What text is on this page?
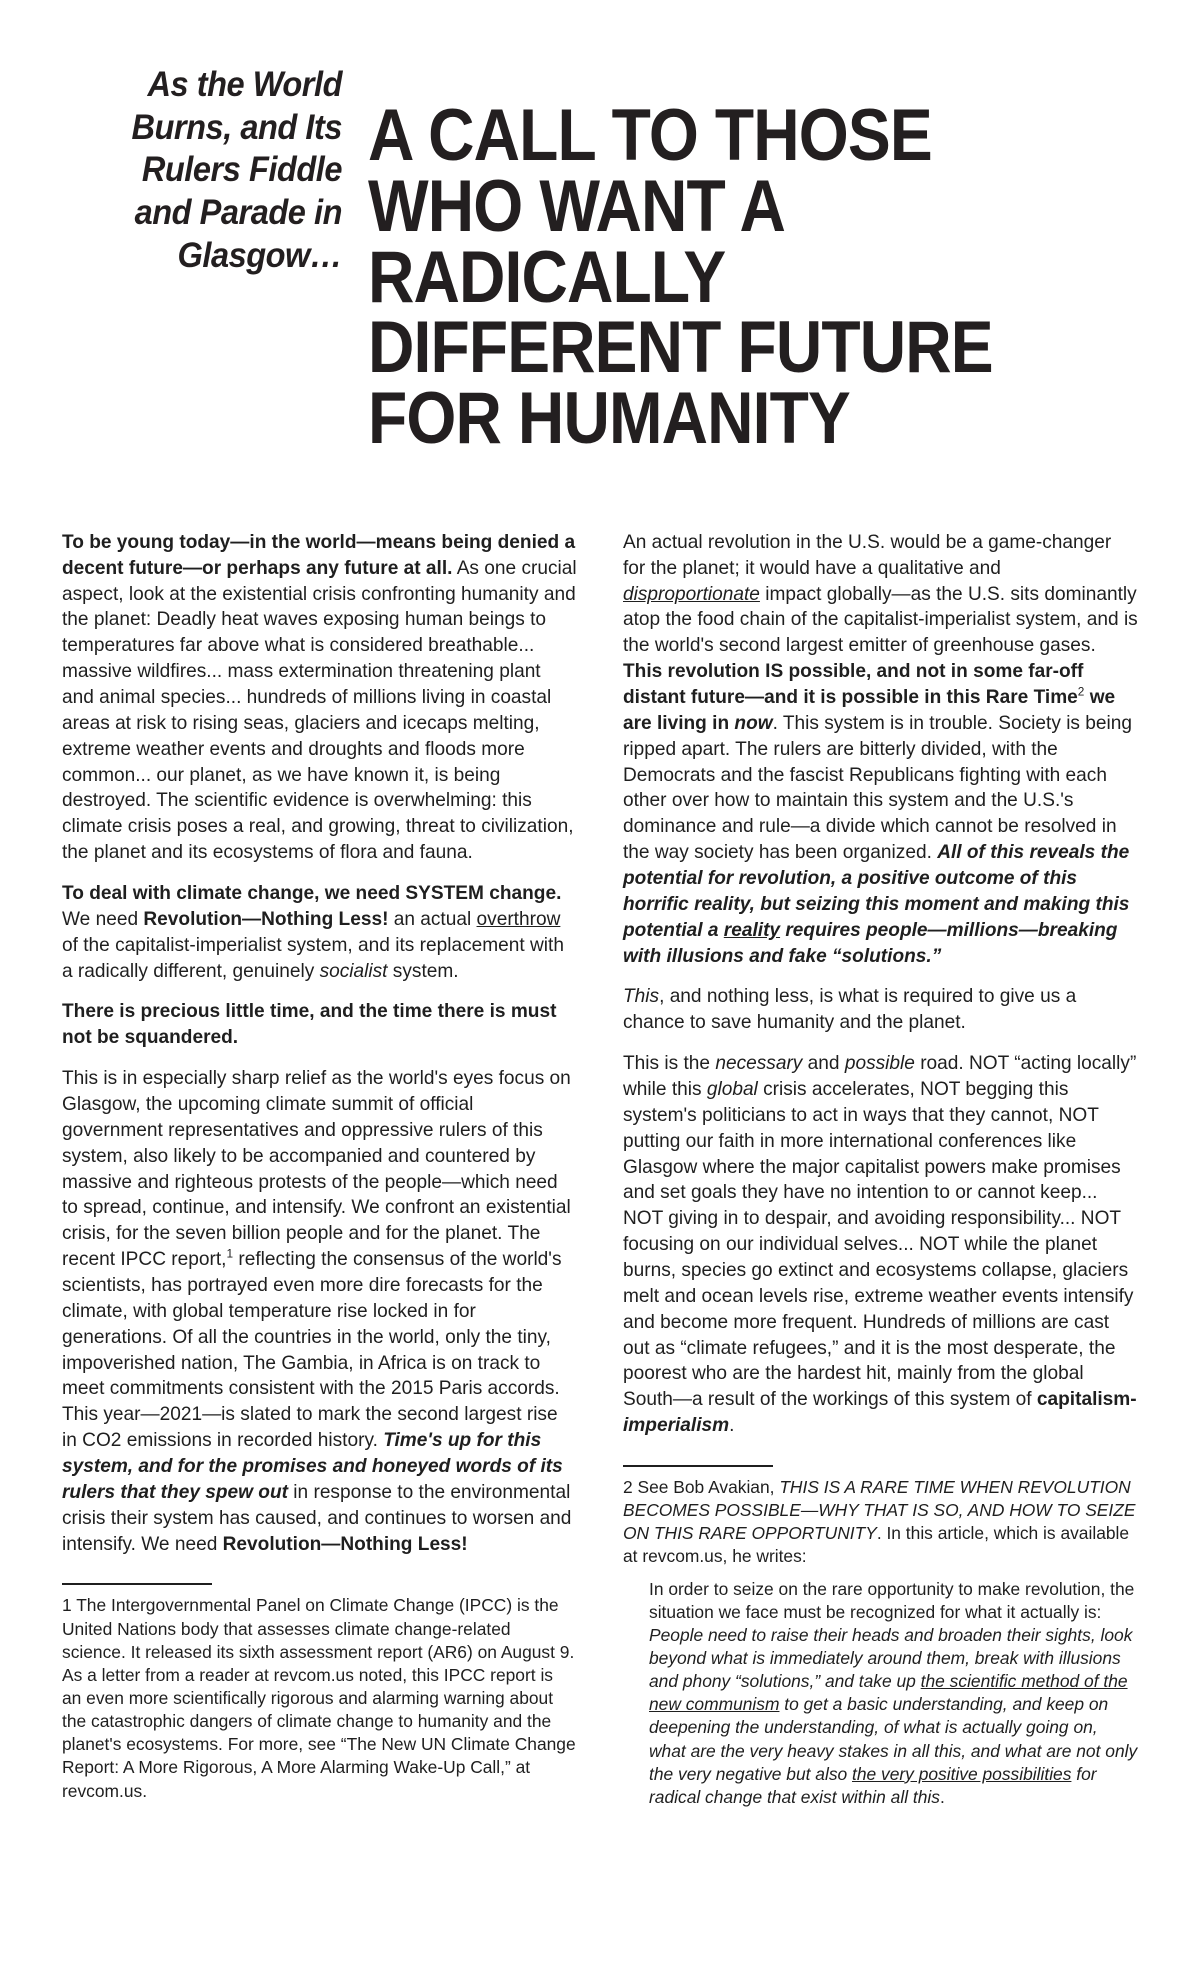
As the World Burns, and Its Rulers Fiddle and Parade in Glasgow…
A CALL TO THOSE WHO WANT A RADICALLY DIFFERENT FUTURE FOR HUMANITY

To be young today—in the world—means being denied a decent future—or perhaps any future at all. As one crucial aspect, look at the existential crisis confronting humanity and the planet: Deadly heat waves exposing human beings to temperatures far above what is considered breathable... massive wildfires... mass extermination threatening plant and animal species... hundreds of millions living in coastal areas at risk to rising seas, glaciers and icecaps melting, extreme weather events and droughts and floods more common... our planet, as we have known it, is being destroyed. The scientific evidence is overwhelming: this climate crisis poses a real, and growing, threat to civilization, the planet and its ecosystems of flora and fauna.

To deal with climate change, we need SYSTEM change. We need Revolution—Nothing Less! an actual overthrow of the capitalist-imperialist system, and its replacement with a radically different, genuinely socialist system.

There is precious little time, and the time there is must not be squandered.

This is in especially sharp relief as the world's eyes focus on Glasgow, the upcoming climate summit of official government representatives and oppressive rulers of this system, also likely to be accompanied and countered by massive and righteous protests of the people—which need to spread, continue, and intensify. We confront an existential crisis, for the seven billion people and for the planet. The recent IPCC report,$^1$ reflecting the consensus of the world's scientists, has portrayed even more dire forecasts for the climate, with global temperature rise locked in for generations. Of all the countries in the world, only the tiny, impoverished nation, The Gambia, in Africa is on track to meet commitments consistent with the 2015 Paris accords. This year—2021—is slated to mark the second largest rise in CO2 emissions in recorded history. Time's up for this system, and for the promises and honeyed words of its rulers that they spew out in response to the environmental crisis their system has caused, and continues to worsen and intensify. We need Revolution—Nothing Less!

1 The Intergovernmental Panel on Climate Change (IPCC) is the United Nations body that assesses climate change-related science. It released its sixth assessment report (AR6) on August 9. As a letter from a reader at revcom.us noted, this IPCC report is an even more scientifically rigorous and alarming warning about the catastrophic dangers of climate change to humanity and the planet's ecosystems. For more, see “The New UN Climate Change Report: A More Rigorous, A More Alarming Wake-Up Call,” at revcom.us.

An actual revolution in the U.S. would be a game-changer for the planet; it would have a qualitative and disproportionate impact globally—as the U.S. sits dominantly atop the food chain of the capitalist-imperialist system, and is the world's second largest emitter of greenhouse gases. This revolution IS possible, and not in some far-off distant future—and it is possible in this Rare Time$^2$ we are living in now. This system is in trouble. Society is being ripped apart. The rulers are bitterly divided, with the Democrats and the fascist Republicans fighting with each other over how to maintain this system and the U.S.'s dominance and rule—a divide which cannot be resolved in the way society has been organized. All of this reveals the potential for revolution, a positive outcome of this horrific reality, but seizing this moment and making this potential a reality requires people—millions—breaking with illusions and fake “solutions.”

This, and nothing less, is what is required to give us a chance to save humanity and the planet.

This is the necessary and possible road. NOT “acting locally” while this global crisis accelerates, NOT begging this system's politicians to act in ways that they cannot, NOT putting our faith in more international conferences like Glasgow where the major capitalist powers make promises and set goals they have no intention to or cannot keep... NOT giving in to despair, and avoiding responsibility... NOT focusing on our individual selves... NOT while the planet burns, species go extinct and ecosystems collapse, glaciers melt and ocean levels rise, extreme weather events intensify and become more frequent. Hundreds of millions are cast out as “climate refugees,” and it is the most desperate, the poorest who are the hardest hit, mainly from the global South—a result of the workings of this system of capitalism-imperialism.

2 See Bob Avakian, THIS IS A RARE TIME WHEN REVOLUTION BECOMES POSSIBLE—WHY THAT IS SO, AND HOW TO SEIZE ON THIS RARE OPPORTUNITY. In this article, which is available at revcom.us, he writes:

In order to seize on the rare opportunity to make revolution, the situation we face must be recognized for what it actually is: People need to raise their heads and broaden their sights, look beyond what is immediately around them, break with illusions and phony “solutions,” and take up the scientific method of the new communism to get a basic understanding, and keep on deepening the understanding, of what is actually going on, what are the very heavy stakes in all this, and what are not only the very negative but also the very positive possibilities for radical change that exist within all this.
